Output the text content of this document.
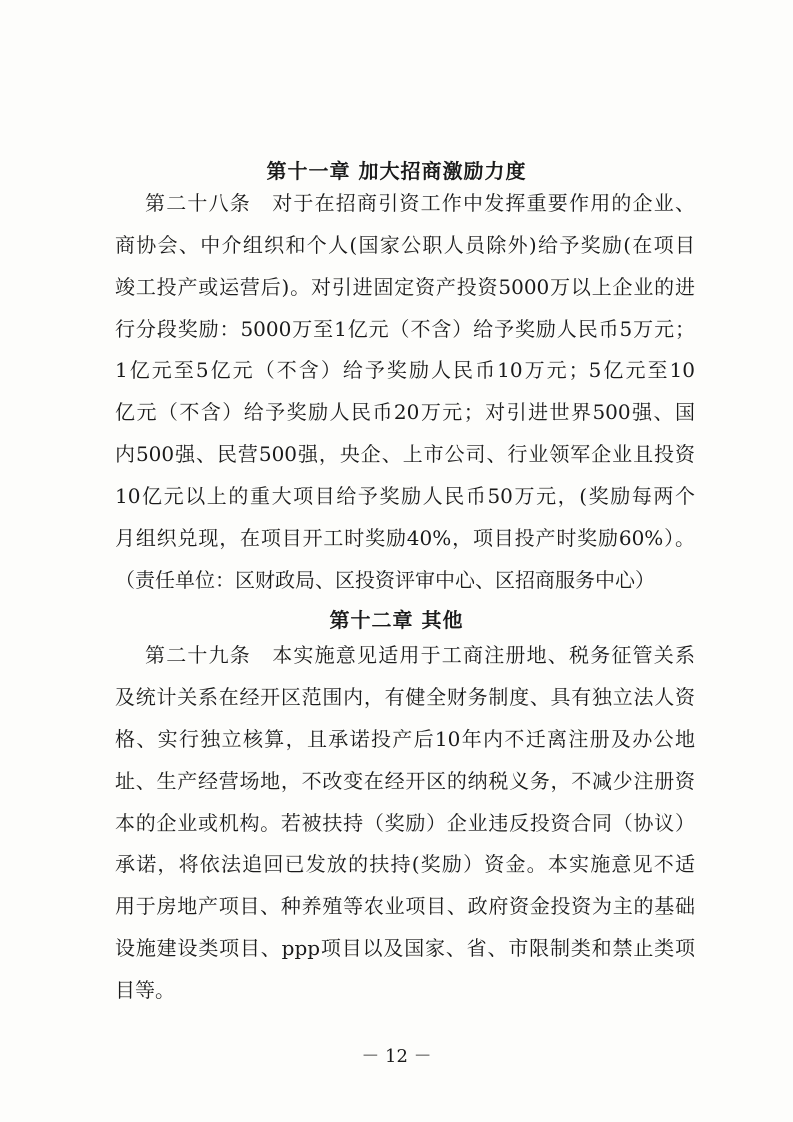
第十一章 加大招商激励力度
第二十八条　对于在招商引资工作中发挥重要作用的企业、
商协会、中介组织和个人(国家公职人员除外)给予奖励(在项目
竣工投产或运营后)。对引进固定资产投资5000万以上企业的进
行分段奖励：5000万至1亿元（不含）给予奖励人民币5万元；
1亿元至5亿元（不含）给予奖励人民币10万元；5亿元至10
亿元（不含）给予奖励人民币20万元；对引进世界500强、国
内500强、民营500强，央企、上市公司、行业领军企业且投资
10亿元以上的重大项目给予奖励人民币50万元，(奖励每两个
月组织兑现，在项目开工时奖励40%，项目投产时奖励60%）。
（责任单位：区财政局、区投资评审中心、区招商服务中心）
第十二章 其他
第二十九条　本实施意见适用于工商注册地、税务征管关系
及统计关系在经开区范围内，有健全财务制度、具有独立法人资
格、实行独立核算，且承诺投产后10年内不迁离注册及办公地
址、生产经营场地，不改变在经开区的纳税义务，不减少注册资
本的企业或机构。若被扶持（奖励）企业违反投资合同（协议）
承诺，将依法追回已发放的扶持(奖励）资金。本实施意见不适
用于房地产项目、种养殖等农业项目、政府资金投资为主的基础
设施建设类项目、ppp项目以及国家、省、市限制类和禁止类项
目等。
－ 12 －
